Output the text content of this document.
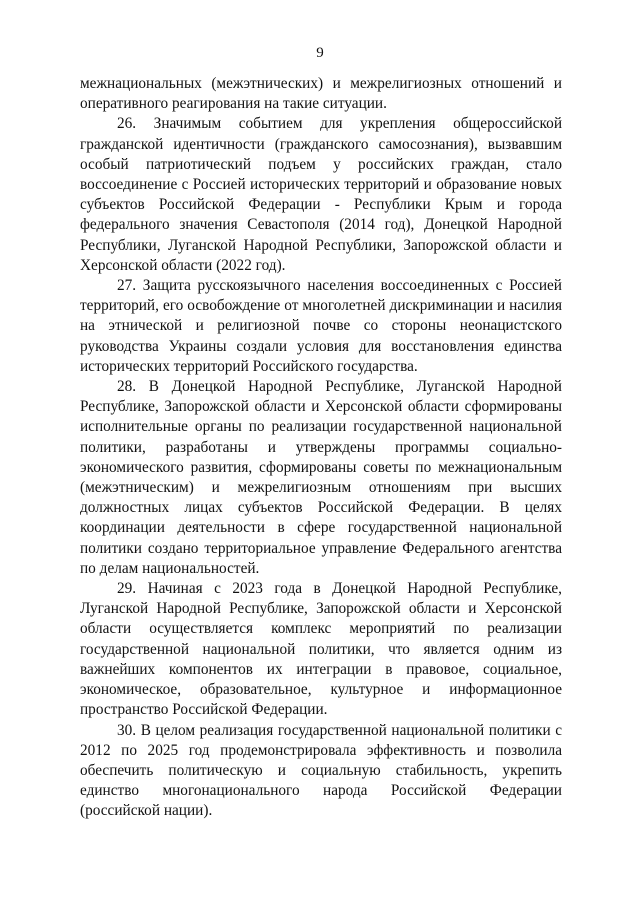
9

межнациональных (межэтнических) и межрелигиозных отношений и оперативного реагирования на такие ситуации.

26. Значимым событием для укрепления общероссийской гражданской идентичности (гражданского самосознания), вызвавшим особый патриотический подъем у российских граждан, стало воссоединение с Россией исторических территорий и образование новых субъектов Российской Федерации - Республики Крым и города федерального значения Севастополя (2014 год), Донецкой Народной Республики, Луганской Народной Республики, Запорожской области и Херсонской области (2022 год).

27. Защита русскоязычного населения воссоединенных с Россией территорий, его освобождение от многолетней дискриминации и насилия на этнической и религиозной почве со стороны неонацистского руководства Украины создали условия для восстановления единства исторических территорий Российского государства.

28. В Донецкой Народной Республике, Луганской Народной Республике, Запорожской области и Херсонской области сформированы исполнительные органы по реализации государственной национальной политики, разработаны и утверждены программы социально-экономического развития, сформированы советы по межнациональным (межэтническим) и межрелигиозным отношениям при высших должностных лицах субъектов Российской Федерации. В целях координации деятельности в сфере государственной национальной политики создано территориальное управление Федерального агентства по делам национальностей.

29. Начиная с 2023 года в Донецкой Народной Республике, Луганской Народной Республике, Запорожской области и Херсонской области осуществляется комплекс мероприятий по реализации государственной национальной политики, что является одним из важнейших компонентов их интеграции в правовое, социальное, экономическое, образовательное, культурное и информационное пространство Российской Федерации.

30. В целом реализация государственной национальной политики с 2012 по 2025 год продемонстрировала эффективность и позволила обеспечить политическую и социальную стабильность, укрепить единство многонационального народа Российской Федерации (российской нации).
